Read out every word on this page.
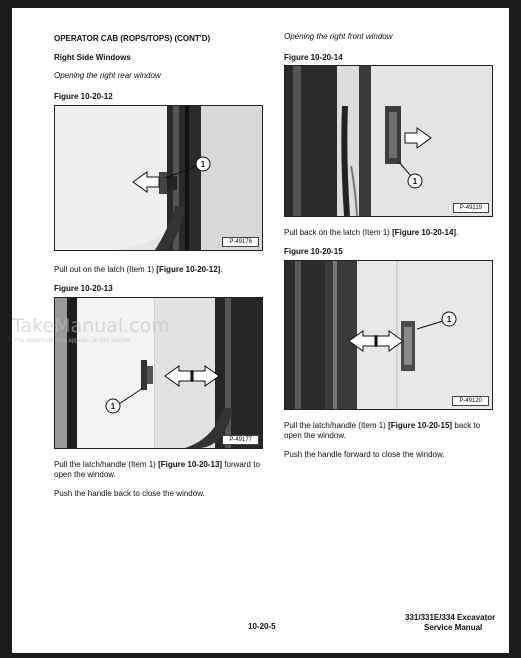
OPERATOR CAB (ROPS/TOPS) (CONT'D)
Right Side Windows
Opening the right rear window
Figure 10-20-12
1
P-49176
Pull out on the latch (Item 1) [Figure 10-20-12].
Figure 10-20-13
1
P-49177
Pull the latch/handle (Item 1) [Figure 10-20-13] forward to open the window.
Push the handle back to close the window.
Opening the right front window
Figure 10-20-14
1
P-49119
Pull back on the latch (Item 1) [Figure 10-20-14].
Figure 10-20-15
1
P-49120
Pull the latch/handle (Item 1) [Figure 10-20-15] back to open the window.
Push the handle forward to close the window.
10-20-5
331/331E/334 Excavator
Service Manual
TakeManual.com
The watermark only appears on this sample
